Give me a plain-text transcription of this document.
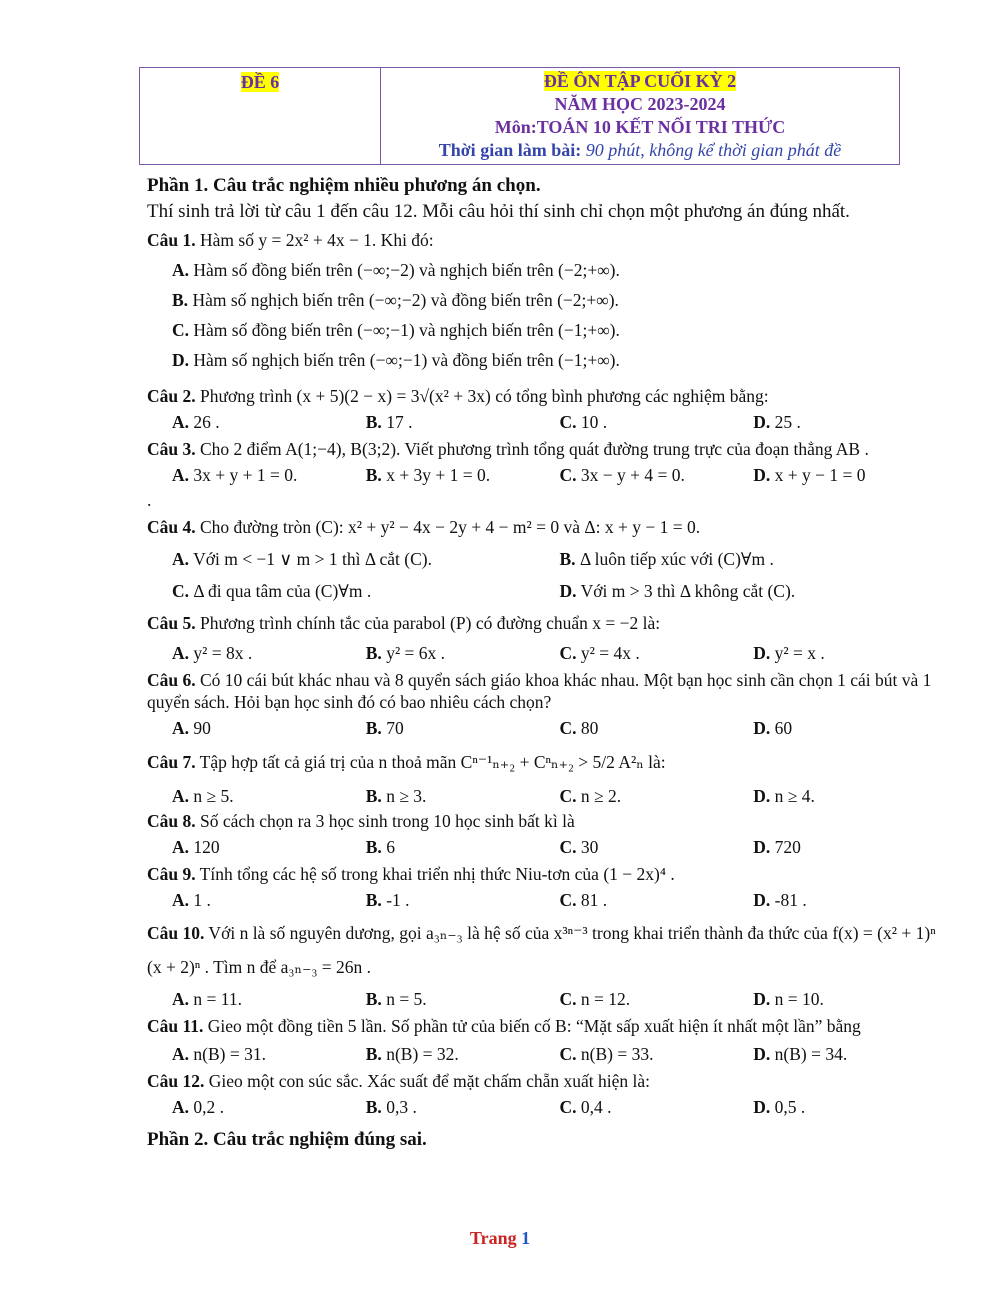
ĐỀ 6	ĐỀ ÔN TẬP CUỐI KỲ 2
NĂM HỌC 2023-2024
Môn:TOÁN 10 KẾT NỐI TRI THỨC
Thời gian làm bài: 90 phút, không kể thời gian phát đề
Phần 1. Câu trắc nghiệm nhiều phương án chọn.
Thí sinh trả lời từ câu 1 đến câu 12. Mỗi câu hỏi thí sinh chỉ chọn một phương án đúng nhất.
Câu 1. Hàm số y = 2x² + 4x − 1. Khi đó:
A. Hàm số đồng biến trên (−∞;−2) và nghịch biến trên (−2;+∞).
B. Hàm số nghịch biến trên (−∞;−2) và đồng biến trên (−2;+∞).
C. Hàm số đồng biến trên (−∞;−1) và nghịch biến trên (−1;+∞).
D. Hàm số nghịch biến trên (−∞;−1) và đồng biến trên (−1;+∞).
Câu 2. Phương trình (x + 5)(2 − x) = 3√(x² + 3x) có tổng bình phương các nghiệm bằng:
A. 26 .	B. 17 .	C. 10 .	D. 25 .
Câu 3. Cho 2 điểm A(1;−4), B(3;2). Viết phương trình tổng quát đường trung trực của đoạn thẳng AB .
A. 3x + y + 1 = 0.	B. x + 3y + 1 = 0.	C. 3x − y + 4 = 0.	D. x + y − 1 = 0
.
Câu 4. Cho đường tròn (C): x² + y² − 4x − 2y + 4 − m² = 0 và Δ: x + y − 1 = 0.
A. Với m < −1 ∨ m > 1 thì Δ cắt (C).	B. Δ luôn tiếp xúc với (C)∀m .
C. Δ đi qua tâm của (C)∀m .	D. Với m > 3 thì Δ không cắt (C).
Câu 5. Phương trình chính tắc của parabol (P) có đường chuẩn x = −2 là:
A. y² = 8x .	B. y² = 6x .	C. y² = 4x .	D. y² = x .
Câu 6. Có 10 cái bút khác nhau và 8 quyển sách giáo khoa khác nhau. Một bạn học sinh cần chọn 1 cái bút và 1 quyển sách. Hỏi bạn học sinh đó có bao nhiêu cách chọn?
A. 90	B. 70	C. 80	D. 60
Câu 7. Tập hợp tất cả giá trị của n thoả mãn Cⁿ⁻¹ₙ₊₂ + Cⁿₙ₊₂ > 5/2 A²ₙ là:
A. n ≥ 5.	B. n ≥ 3.	C. n ≥ 2.	D. n ≥ 4.
Câu 8. Số cách chọn ra 3 học sinh trong 10 học sinh bất kì là
A. 120	B. 6	C. 30	D. 720
Câu 9. Tính tổng các hệ số trong khai triển nhị thức Niu-tơn của (1 − 2x)⁴ .
A. 1 .	B. -1 .	C. 81 .	D. -81 .
Câu 10. Với n là số nguyên dương, gọi a₃ₙ₋₃ là hệ số của x³ⁿ⁻³ trong khai triển thành đa thức của f(x) = (x² + 1)ⁿ (x + 2)ⁿ . Tìm n để a₃ₙ₋₃ = 26n .
A. n = 11.	B. n = 5.	C. n = 12.	D. n = 10.
Câu 11. Gieo một đồng tiền 5 lần. Số phần tử của biến cố B: “Mặt sấp xuất hiện ít nhất một lần” bằng
A. n(B) = 31.	B. n(B) = 32.	C. n(B) = 33.	D. n(B) = 34.
Câu 12. Gieo một con súc sắc. Xác suất để mặt chấm chẵn xuất hiện là:
A. 0,2 .	B. 0,3 .	C. 0,4 .	D. 0,5 .
Phần 2. Câu trắc nghiệm đúng sai.
Trang 1
